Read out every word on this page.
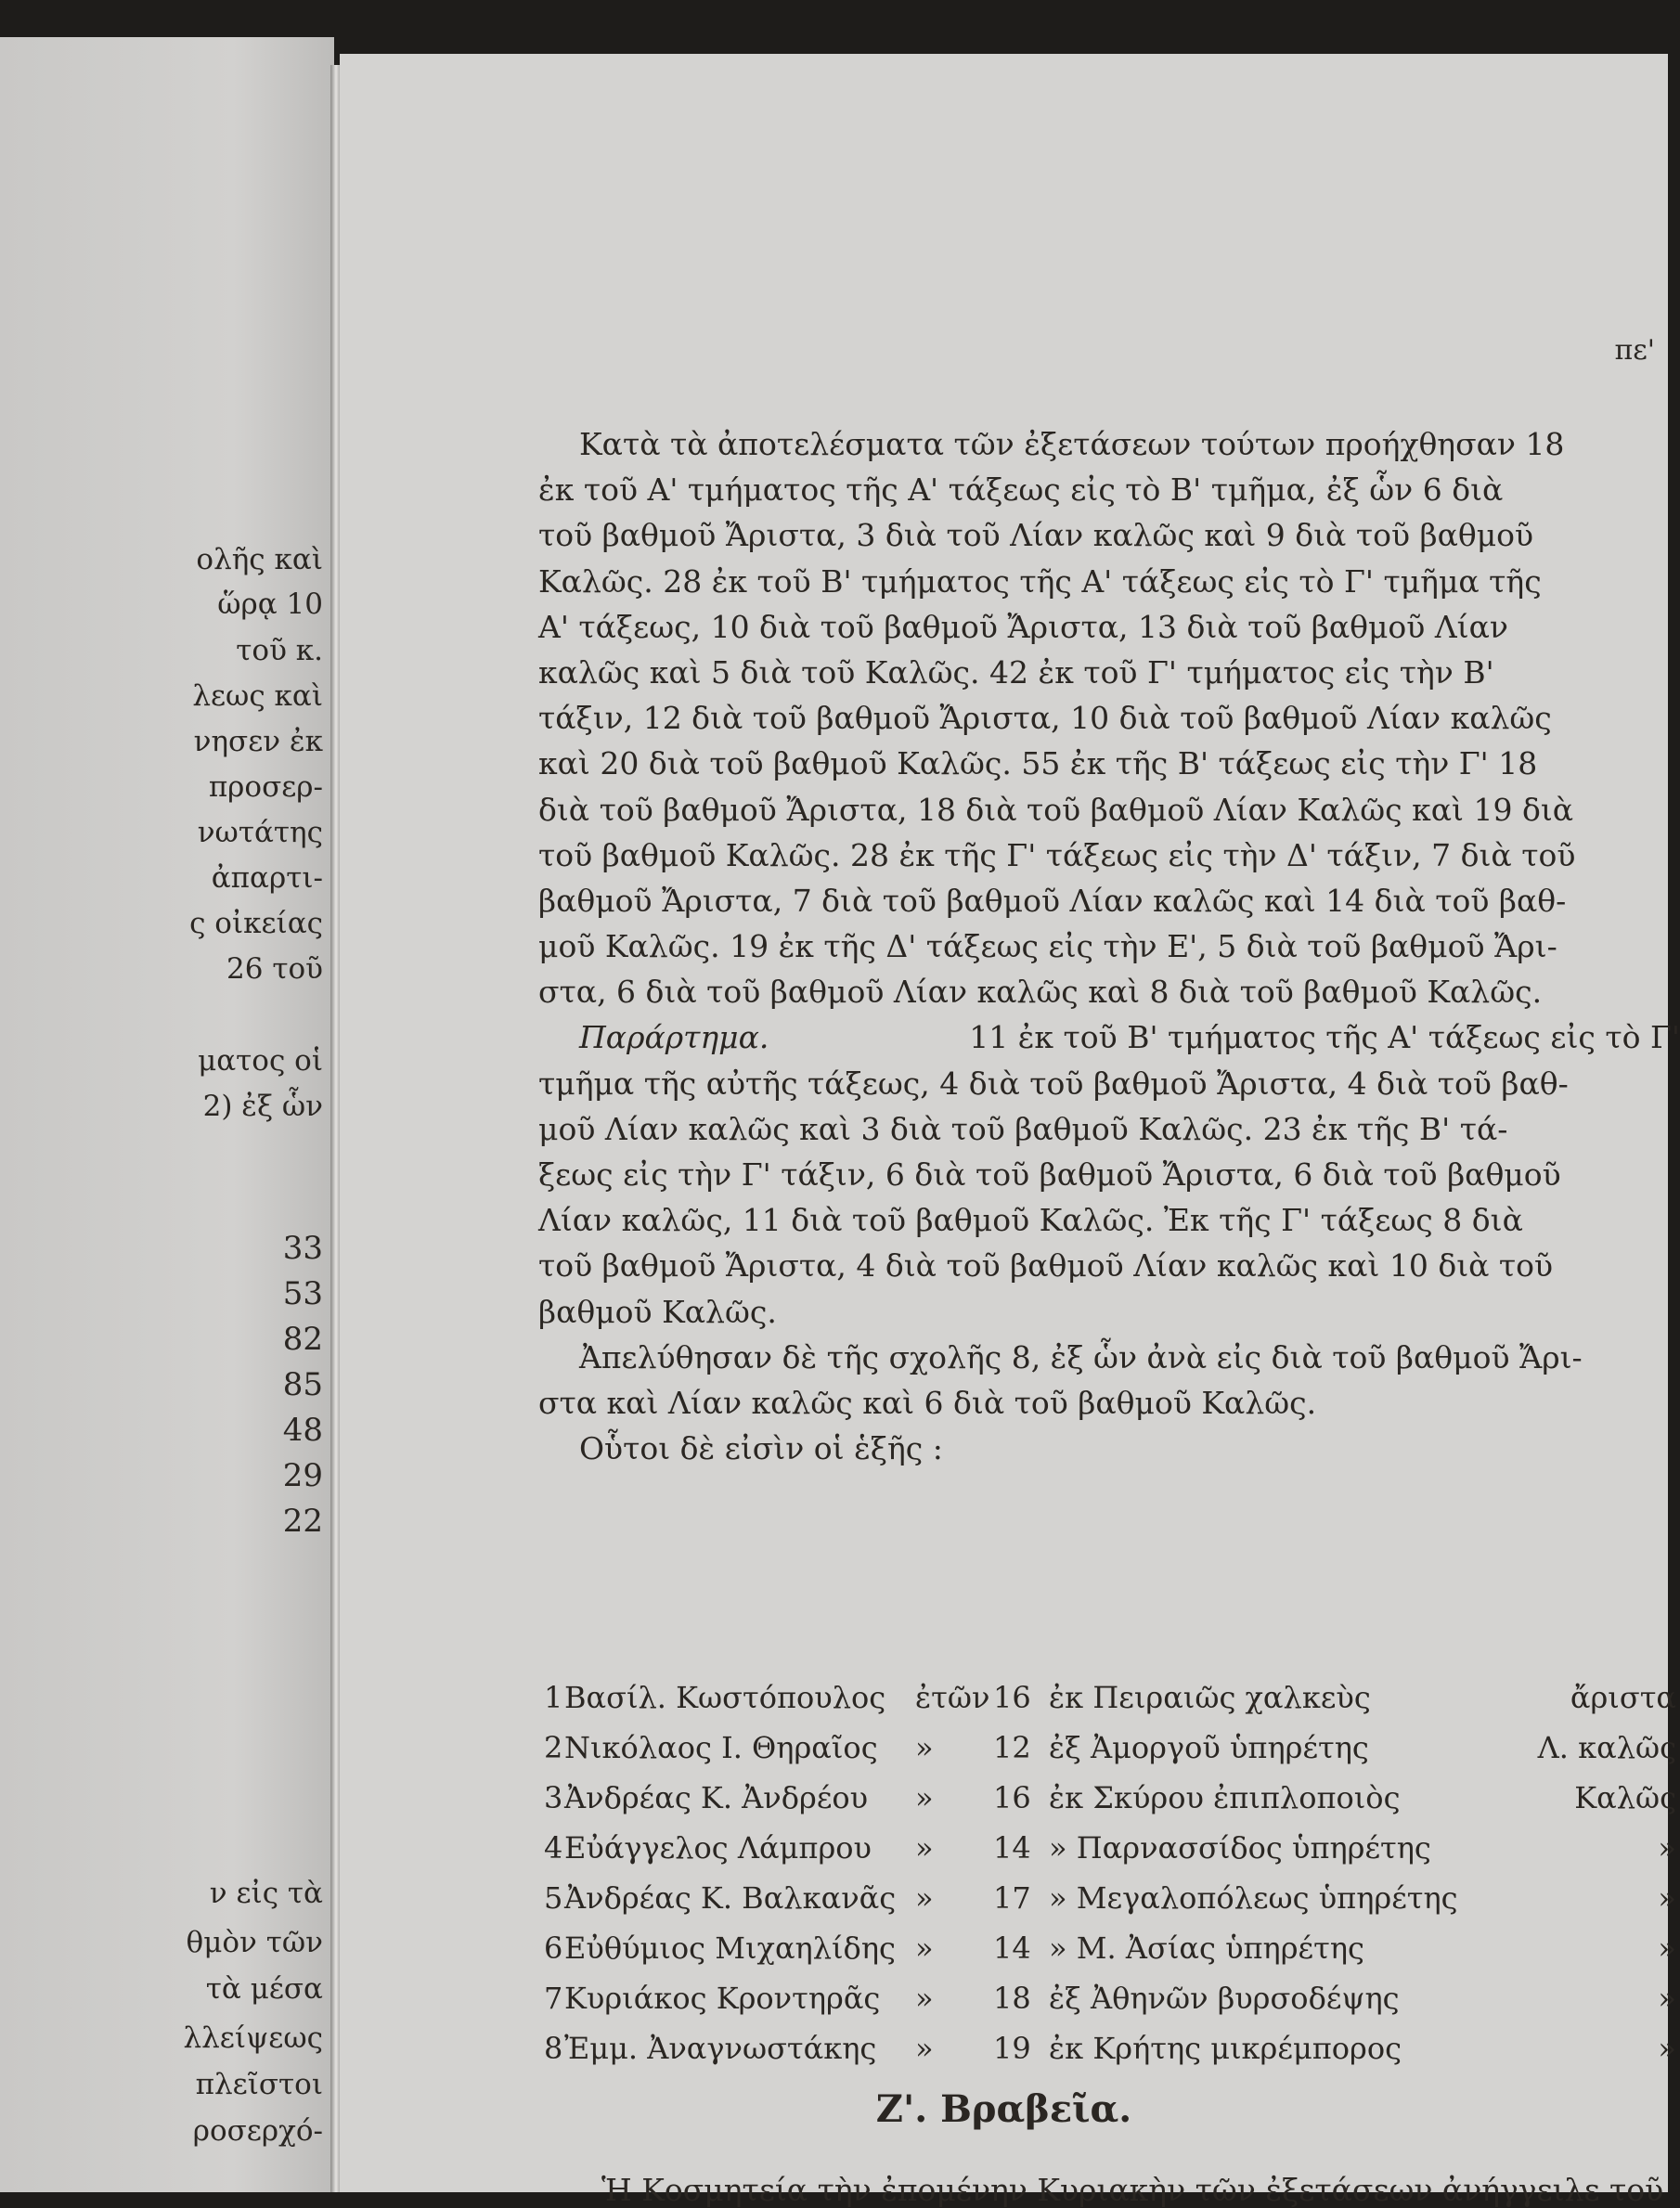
ολῆς καὶ
ὥρᾳ 10
τοῦ κ.
λεως καὶ
νησεν ἐκ
προσερ-
νωτάτης
ἀπαρτι-
ς οἰκείας
26 τοῦ
ματος οἱ
2) ἐξ ὧν
33
53
82
85
48
29
22
ν εἰς τὰ
θμὸν τῶν
τὰ μέσα
λλείψεως
πλεῖστοι
ροσερχό-
πε'
Κατὰ τὰ ἀποτελέσματα τῶν ἐξετάσεων τούτων προήχθησαν 18
ἐκ τοῦ Α' τμήματος τῆς Α' τάξεως εἰς τὸ Β' τμῆμα, ἐξ ὧν 6 διὰ
τοῦ βαθμοῦ Ἄριστα, 3 διὰ τοῦ Λίαν καλῶς καὶ 9 διὰ τοῦ βαθμοῦ
Καλῶς. 28 ἐκ τοῦ Β' τμήματος τῆς Α' τάξεως εἰς τὸ Γ' τμῆμα τῆς
Α' τάξεως, 10 διὰ τοῦ βαθμοῦ Ἄριστα, 13 διὰ τοῦ βαθμοῦ Λίαν
καλῶς καὶ 5 διὰ τοῦ Καλῶς. 42 ἐκ τοῦ Γ' τμήματος εἰς τὴν Β'
τάξιν, 12 διὰ τοῦ βαθμοῦ Ἄριστα, 10 διὰ τοῦ βαθμοῦ Λίαν καλῶς
καὶ 20 διὰ τοῦ βαθμοῦ Καλῶς. 55 ἐκ τῆς Β' τάξεως εἰς τὴν Γ' 18
διὰ τοῦ βαθμοῦ Ἄριστα, 18 διὰ τοῦ βαθμοῦ Λίαν Καλῶς καὶ 19 διὰ
τοῦ βαθμοῦ Καλῶς. 28 ἐκ τῆς Γ' τάξεως εἰς τὴν Δ' τάξιν, 7 διὰ τοῦ
βαθμοῦ Ἄριστα, 7 διὰ τοῦ βαθμοῦ Λίαν καλῶς καὶ 14 διὰ τοῦ βαθ-
μοῦ Καλῶς. 19 ἐκ τῆς Δ' τάξεως εἰς τὴν Ε', 5 διὰ τοῦ βαθμοῦ Ἄρι-
στα, 6 διὰ τοῦ βαθμοῦ Λίαν καλῶς καὶ 8 διὰ τοῦ βαθμοῦ Καλῶς.
Παράρτημα.	11 ἐκ τοῦ Β' τμήματος τῆς Α' τάξεως εἰς τὸ Γ'
τμῆμα τῆς αὐτῆς τάξεως, 4 διὰ τοῦ βαθμοῦ Ἄριστα, 4 διὰ τοῦ βαθ-
μοῦ Λίαν καλῶς καὶ 3 διὰ τοῦ βαθμοῦ Καλῶς. 23 ἐκ τῆς Β' τά-
ξεως εἰς τὴν Γ' τάξιν, 6 διὰ τοῦ βαθμοῦ Ἄριστα, 6 διὰ τοῦ βαθμοῦ
Λίαν καλῶς, 11 διὰ τοῦ βαθμοῦ Καλῶς. Ἐκ τῆς Γ' τάξεως 8 διὰ
τοῦ βαθμοῦ Ἄριστα, 4 διὰ τοῦ βαθμοῦ Λίαν καλῶς καὶ 10 διὰ τοῦ
βαθμοῦ Καλῶς.
Ἀπελύθησαν δὲ τῆς σχολῆς 8, ἐξ ὧν ἀνὰ εἰς διὰ τοῦ βαθμοῦ Ἄρι-
στα καὶ Λίαν καλῶς καὶ 6 διὰ τοῦ βαθμοῦ Καλῶς.
Οὗτοι δὲ εἰσὶν οἱ ἑξῆς :
1 Βασίλ. Κωστόπουλος ἐτῶν 16 ἐκ Πειραιῶς χαλκεὺς	ἄριστα
2 Νικόλαος Ι. Θηραῖος	»	12 ἐξ Ἀμοργοῦ ὑπηρέτης	Λ. καλῶς
3 Ἀνδρέας Κ. Ἀνδρέου	»	16 ἐκ Σκύρου ἐπιπλοποιὸς	Καλῶς
4 Εὐάγγελος Λάμπρου	»	14 » Παρνασσίδος ὑπηρέτης	»
5 Ἀνδρέας Κ. Βαλκανᾶς »	17 » Μεγαλοπόλεως ὑπηρέτης	»
6 Εὐθύμιος Μιχαηλίδης »	14 » Μ. Ἀσίας ὑπηρέτης	»
7 Κυριάκος Κροντηρᾶς	»	18 ἐξ Ἀθηνῶν βυρσοδέψης	»
8 Ἐμμ. Ἀναγνωστάκης	»	19 ἐκ Κρήτης μικρέμπορος	»
Ζ'. Βραβεῖα.
Ἡ Κοσμητεία τὴν ἐπομένην Κυριακὴν τῶν ἐξετάσεων ἀνήγγειλε τοῦ
